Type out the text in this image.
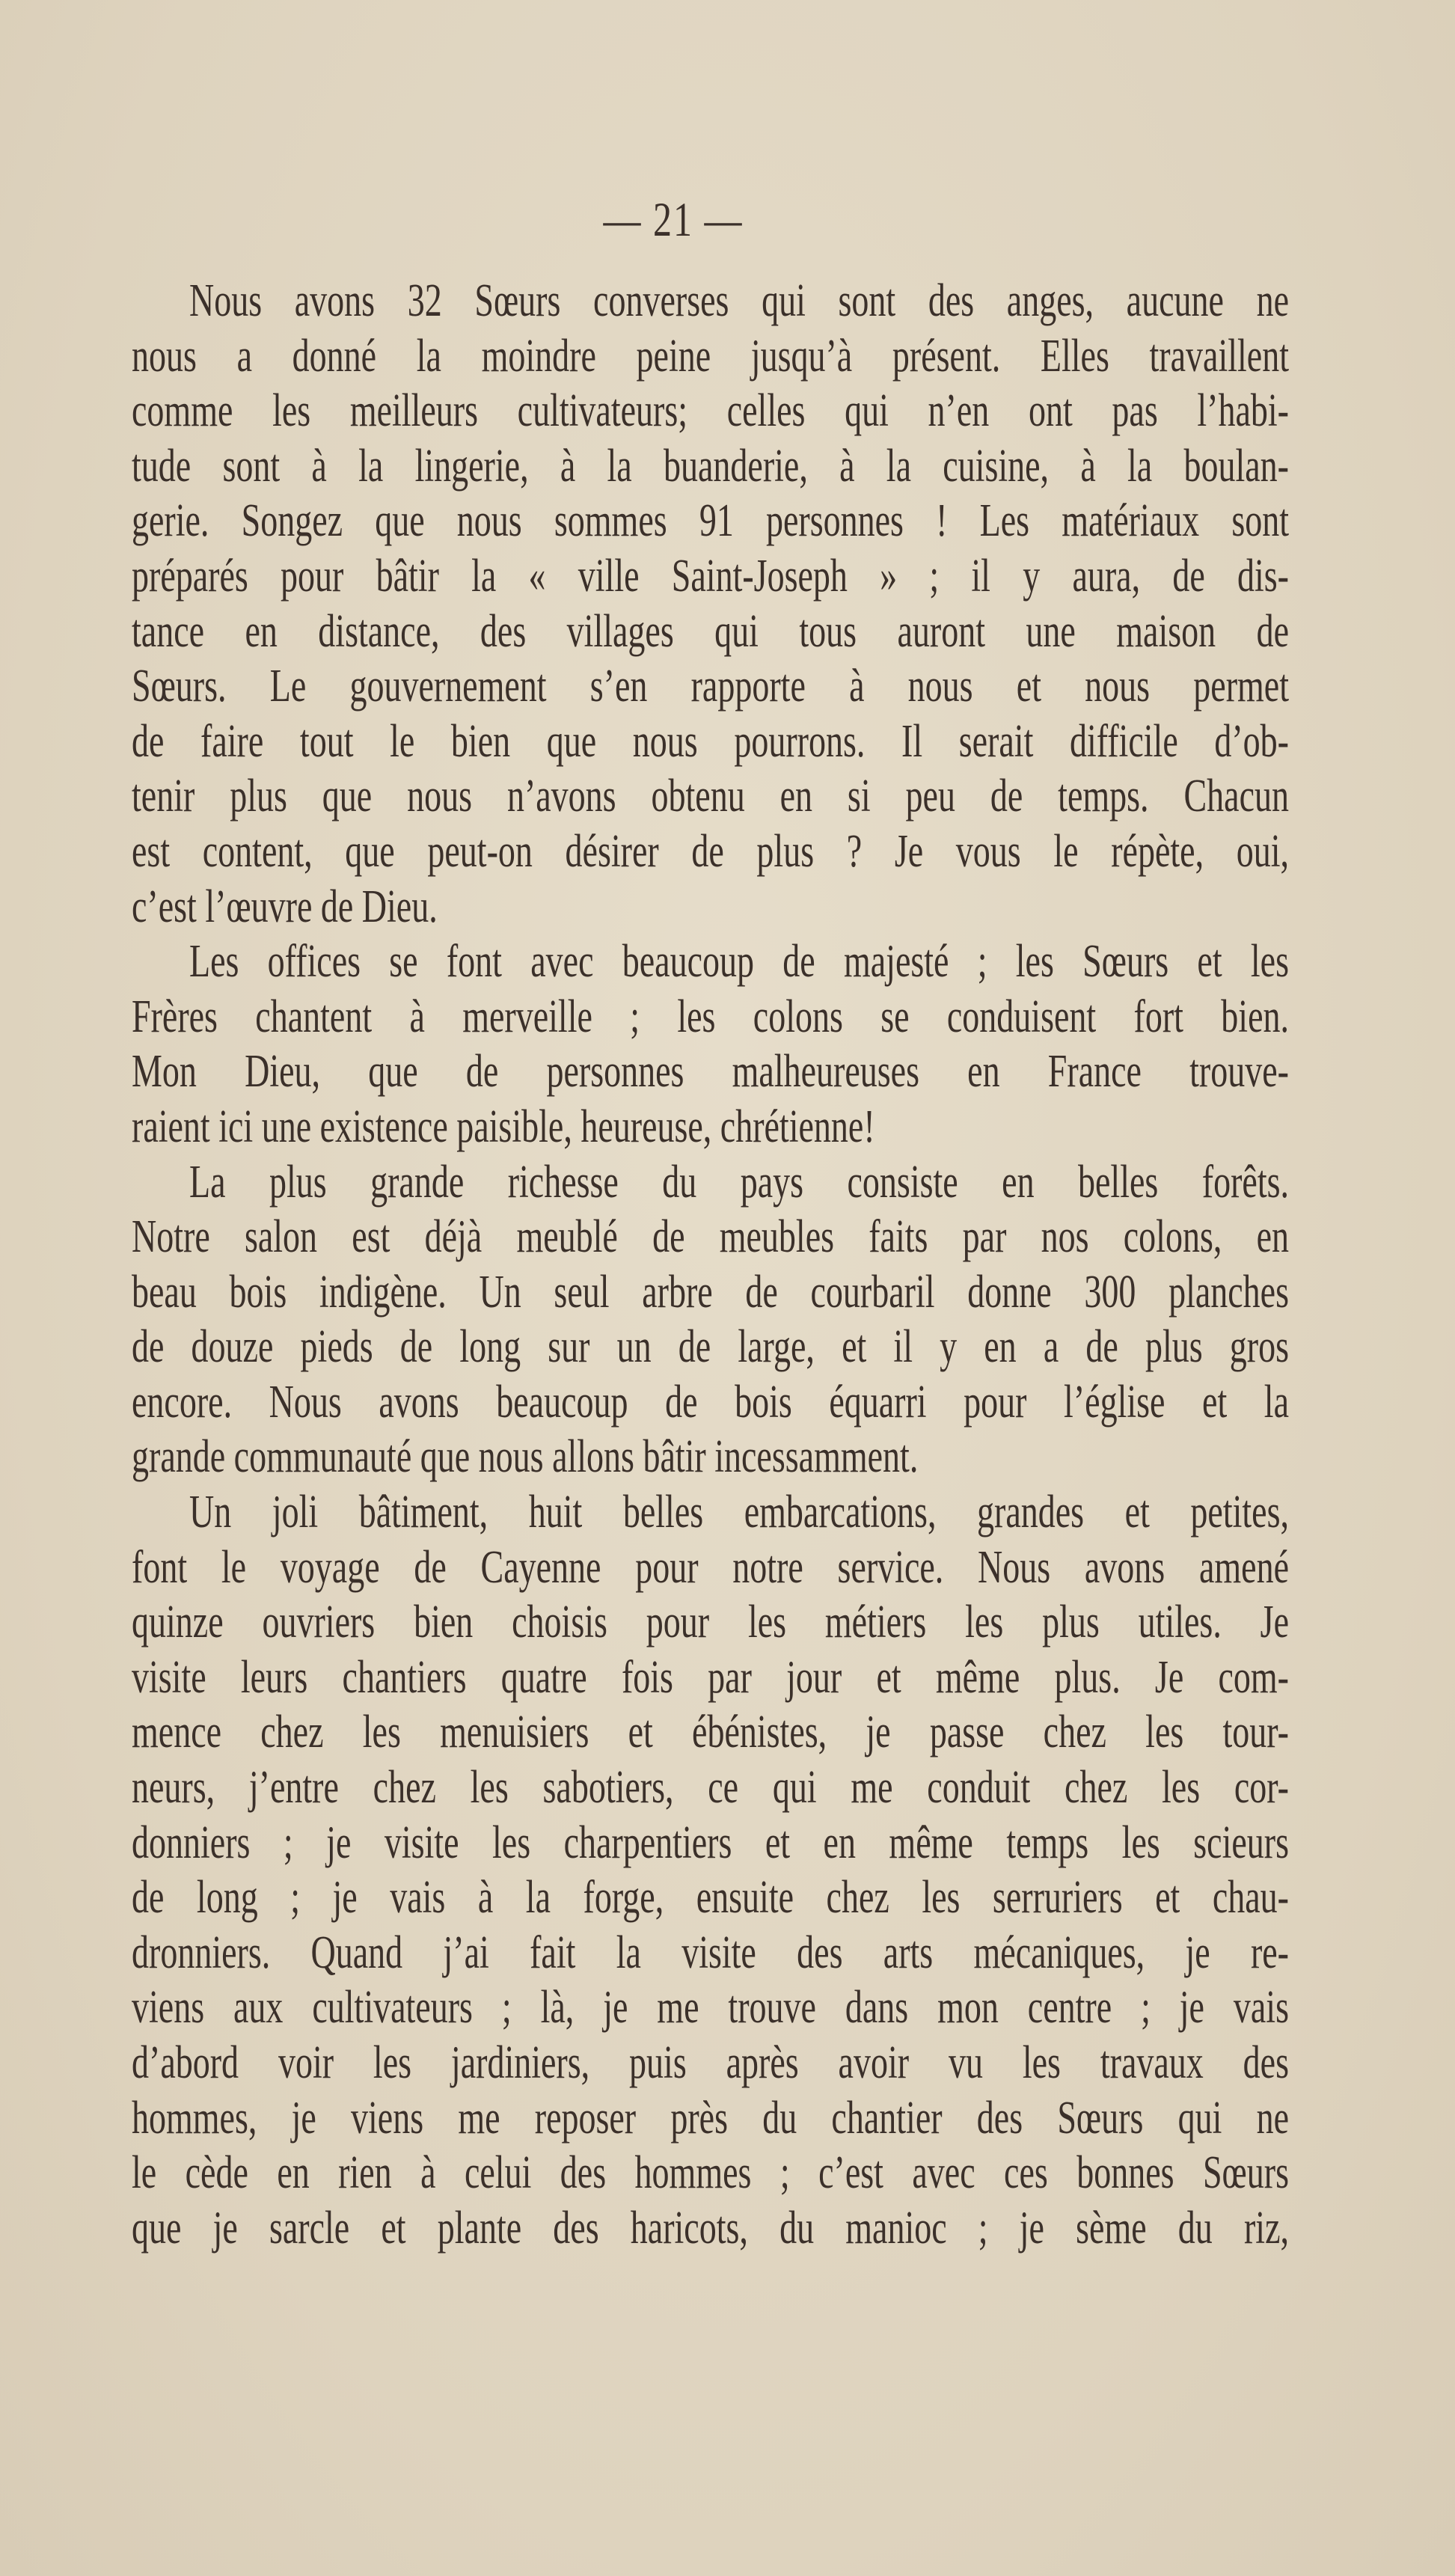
— 21 —
Nous avons 32 Sœurs converses qui sont des anges, aucune ne
nous a donné la moindre peine jusqu’à présent. Elles travaillent
comme les meilleurs cultivateurs; celles qui n’en ont pas l’habi-
tude sont à la lingerie, à la buanderie, à la cuisine, à la boulan-
gerie. Songez que nous sommes 91 personnes ! Les matériaux sont
préparés pour bâtir la « ville Saint-Joseph » ; il y aura, de dis-
tance en distance, des villages qui tous auront une maison de
Sœurs. Le gouvernement s’en rapporte à nous et nous permet
de faire tout le bien que nous pourrons. Il serait difficile d’ob-
tenir plus que nous n’avons obtenu en si peu de temps. Chacun
est content, que peut-on désirer de plus ? Je vous le répète, oui,
c’est l’œuvre de Dieu.
Les offices se font avec beaucoup de majesté ; les Sœurs et les
Frères chantent à merveille ; les colons se conduisent fort bien.
Mon Dieu, que de personnes malheureuses en France trouve-
raient ici une existence paisible, heureuse, chrétienne!
La plus grande richesse du pays consiste en belles forêts.
Notre salon est déjà meublé de meubles faits par nos colons, en
beau bois indigène. Un seul arbre de courbaril donne 300 planches
de douze pieds de long sur un de large, et il y en a de plus gros
encore. Nous avons beaucoup de bois équarri pour l’église et la
grande communauté que nous allons bâtir incessamment.
Un joli bâtiment, huit belles embarcations, grandes et petites,
font le voyage de Cayenne pour notre service. Nous avons amené
quinze ouvriers bien choisis pour les métiers les plus utiles. Je
visite leurs chantiers quatre fois par jour et même plus. Je com-
mence chez les menuisiers et ébénistes, je passe chez les tour-
neurs, j’entre chez les sabotiers, ce qui me conduit chez les cor-
donniers ; je visite les charpentiers et en même temps les scieurs
de long ; je vais à la forge, ensuite chez les serruriers et chau-
dronniers. Quand j’ai fait la visite des arts mécaniques, je re-
viens aux cultivateurs ; là, je me trouve dans mon centre ; je vais
d’abord voir les jardiniers, puis après avoir vu les travaux des
hommes, je viens me reposer près du chantier des Sœurs qui ne
le cède en rien à celui des hommes ; c’est avec ces bonnes Sœurs
que je sarcle et plante des haricots, du manioc ; je sème du riz,
